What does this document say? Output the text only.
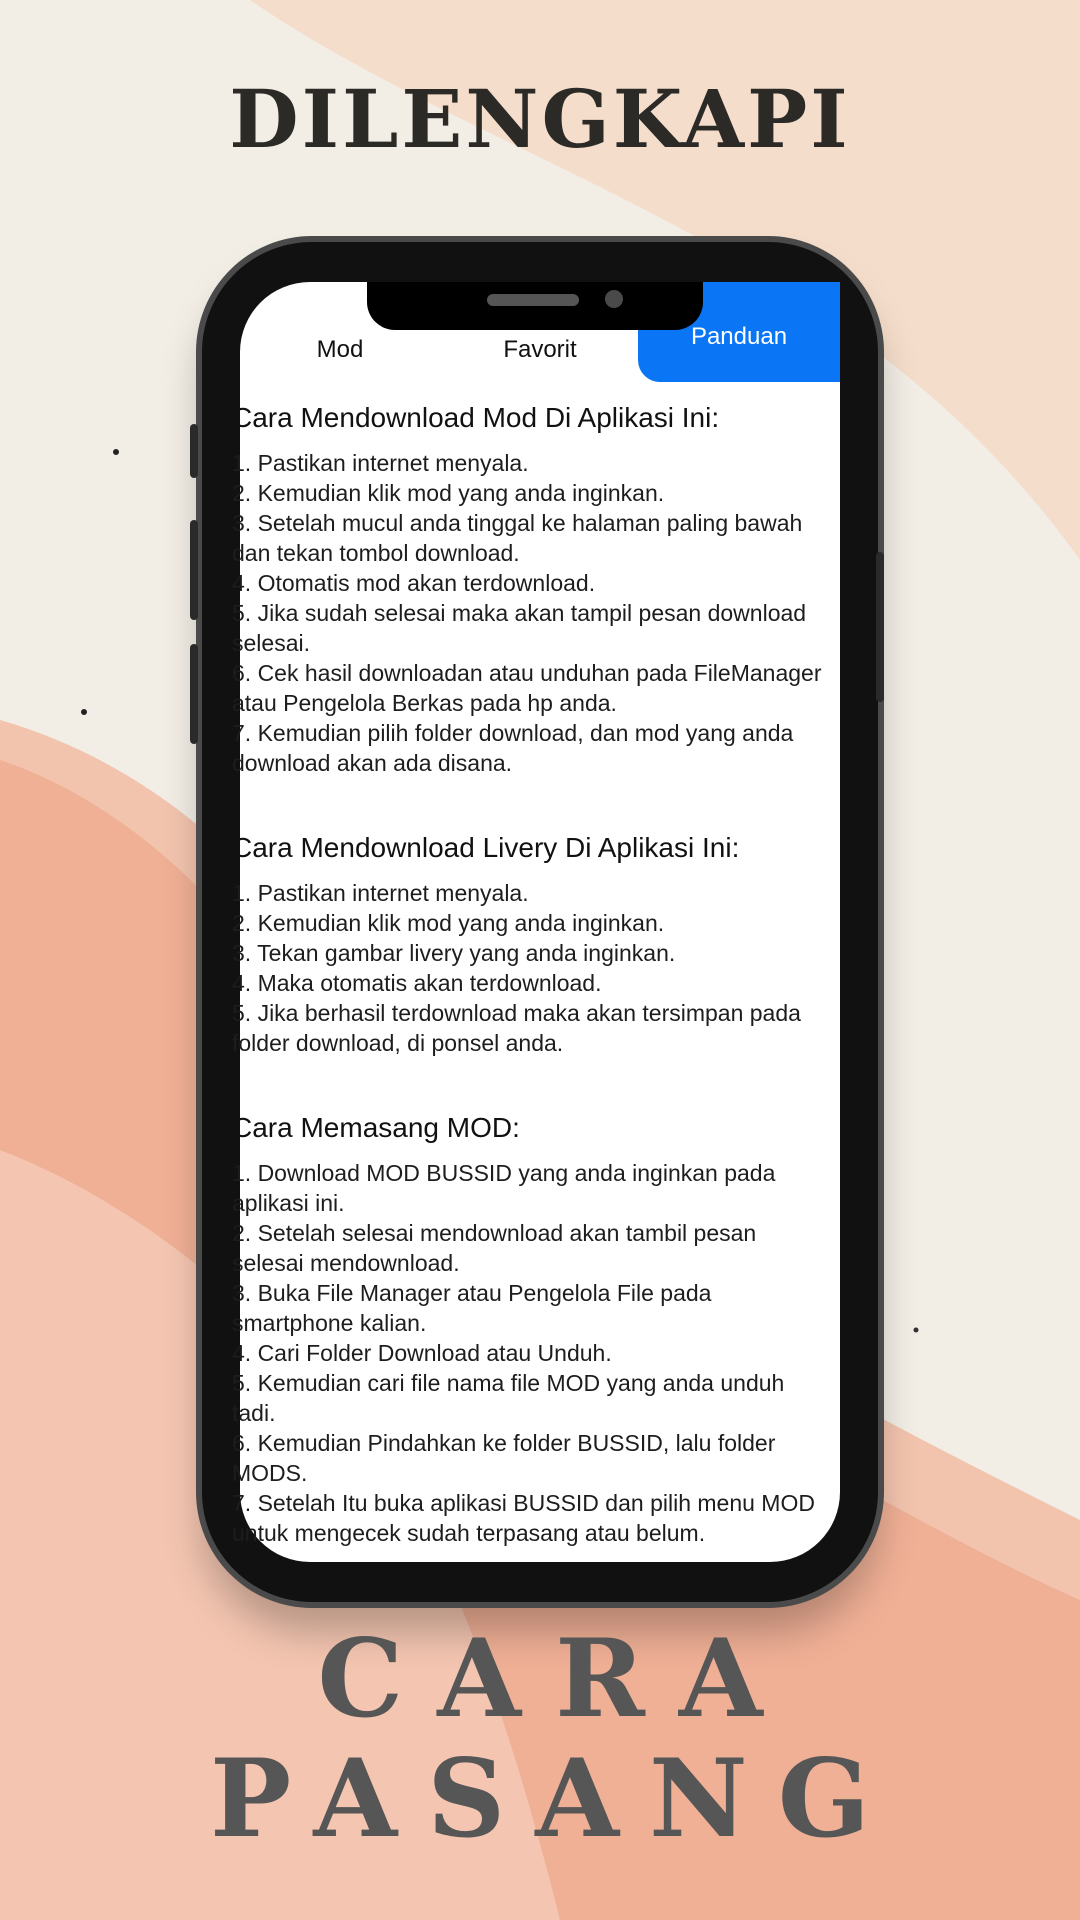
DILENGKAPI
Mod	Favorit	Panduan
Cara Mendownload Mod Di Aplikasi Ini:

1. Pastikan internet menyala.

2. Kemudian klik mod yang anda inginkan.

3. Setelah mucul anda tinggal ke halaman paling bawah dan tekan tombol download.

4. Otomatis mod akan terdownload.

5. Jika sudah selesai maka akan tampil pesan download selesai.

6. Cek hasil downloadan atau unduhan pada FileManager atau Pengelola Berkas pada hp anda.

7. Kemudian pilih folder download, dan mod yang anda download akan ada disana.

Cara Mendownload Livery Di Aplikasi Ini:

1. Pastikan internet menyala.

2. Kemudian klik mod yang anda inginkan.

3. Tekan gambar livery yang anda inginkan.

4. Maka otomatis akan terdownload.

5. Jika berhasil terdownload maka akan tersimpan pada folder download, di ponsel anda.

Cara Memasang MOD:

1. Download MOD BUSSID yang anda inginkan pada aplikasi ini.

2. Setelah selesai mendownload akan tambil pesan selesai mendownload.

3. Buka File Manager atau Pengelola File pada smartphone kalian.

4. Cari Folder Download atau Unduh.

5. Kemudian cari file nama file MOD yang anda unduh tadi.

6. Kemudian Pindahkan ke folder BUSSID, lalu folder MODS.

7. Setelah Itu buka aplikasi BUSSID dan pilih menu MOD untuk mengecek sudah terpasang atau belum.

CARA
PASANG
